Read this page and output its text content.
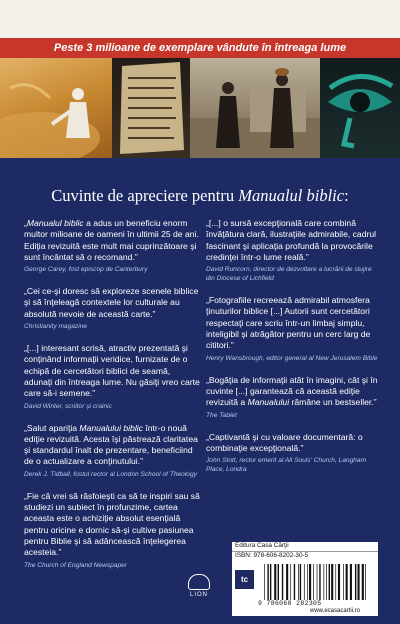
Peste 3 milioane de exemplare vândute în întreaga lume
Cuvinte de apreciere pentru Manualul biblic:
„Manualul biblic a adus un beneficiu enorm multor milioane de oameni în ultimii 25 de ani. Ediţia revizuită este mult mai cuprinzătoare şi sunt încântat să o recomand.”
George Carey, fost episcop de Canterbury
„Cei ce-şi doresc să exploreze scenele biblice şi să înţeleagă contextele lor culturale au absolută nevoie de această carte.”
Christianity magazine
„[...] interesant scrisă, atractiv prezentată şi conţinând informaţii veridice, furnizate de o echipă de cercetători biblici de seamă, adunaţi din întreaga lume. Nu găsiţi vreo carte care să-i semene.”
David Winter, scriitor şi crainic
„Salut apariţia Manualului biblic într-o nouă ediţie revizuită. Acesta îşi păstrează claritatea şi standardul înalt de prezentare, beneficiind de o actualizare a conţinutului.”
Derek J. Tidball, fostul rector al London School of Theology
„Fie că vrei să răsfoieşti ca să te inspiri sau să studiezi un subiect în profunzime, cartea aceasta este o achiziţie absolut esenţială pentru oricine e dornic să-şi cultive pasiunea pentru Biblie şi să adâncească înţelegerea acesteia.”
The Church of England Newspaper
„[...] o sursă excepţională care combină învăţătura clară, ilustraţiile admirabile, cadrul fascinant şi aplicaţia profundă la provocările credinţei într-o lume reală.”
David Runcorn, director de dezvoltare a lucrării de slujire din Diocese of Lichfield
„Fotografiile recreează admirabil atmosfera ţinuturilor biblice [...] Autorii sunt cercetători respectaţi care scriu într-un limbaj simplu, inteligibil şi atrăgător pentru un cerc larg de cititori.”
Henry Wansbrough, editor general al New Jerusalem Bible
„Bogăţia de informaţii atât în imagini, cât şi în cuvinte [...] garantează că această ediţie revizuită a Manualului rămâne un bestseller.”
The Tablet
„Captivantă şi cu valoare documentară: o combinaţie excepţională.”
John Stott, rector emerit al All Souls' Church, Langham Place, Londra
LION
Editura Casa Cărţii
ISBN: 978-606-8202-30-5
tc
9 786068 282305
www.ecasacartii.ro
